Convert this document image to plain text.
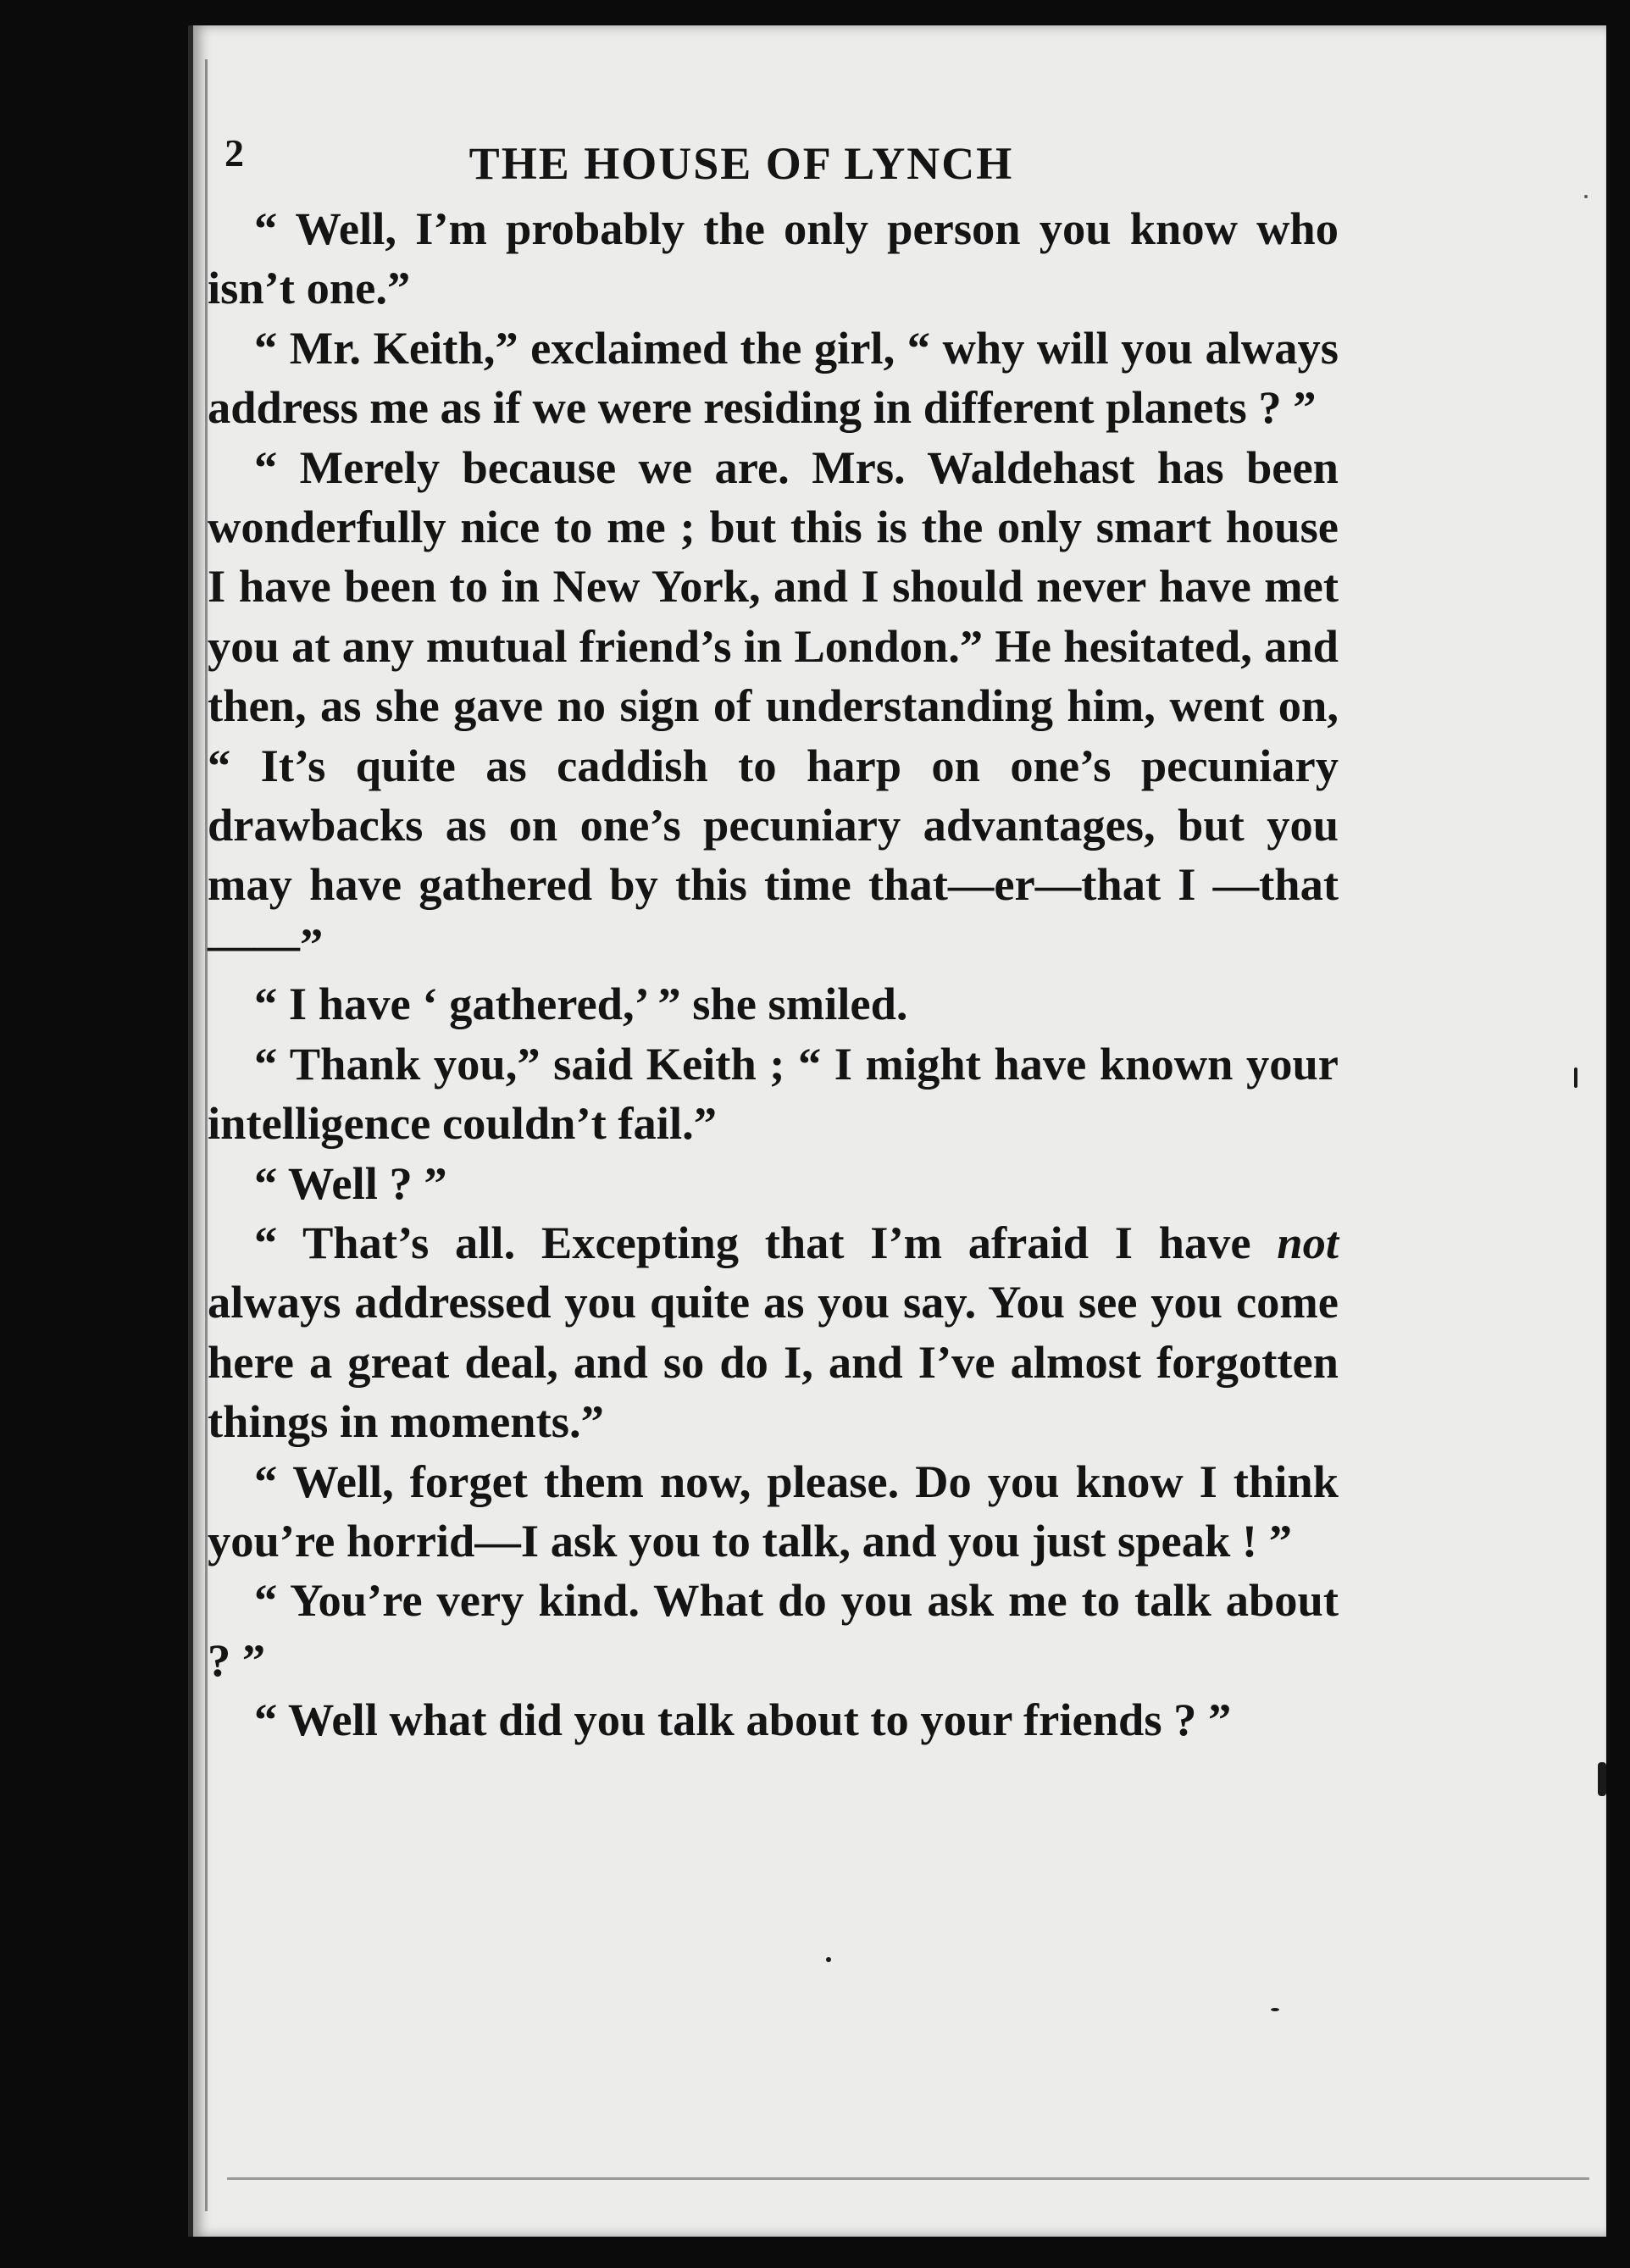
2	THE HOUSE OF LYNCH

“ Well, I’m probably the only person you know who isn’t one.”

“ Mr. Keith,” exclaimed the girl, “ why will you always address me as if we were residing in different planets ? ”

“ Merely because we are. Mrs. Waldehast has been wonderfully nice to me ; but this is the only smart house I have been to in New York, and I should never have met you at any mutual friend’s in London.” He hesitated, and then, as she gave no sign of understanding him, went on, “ It’s quite as caddish to harp on one’s pecuniary drawbacks as on one’s pecuniary advantages, but you may have gathered by this time that—er—that I —that——”

“ I have ‘ gathered,’ ” she smiled.

“ Thank you,” said Keith ; “ I might have known your intelligence couldn’t fail.”

“ Well ? ”

“ That’s all. Excepting that I’m afraid I have not always addressed you quite as you say. You see you come here a great deal, and so do I, and I’ve almost forgotten things in moments.”

“ Well, forget them now, please. Do you know I think you’re horrid—I ask you to talk, and you just speak ! ”

“ You’re very kind. What do you ask me to talk about ? ”

“ Well what did you talk about to your friends ? ”
